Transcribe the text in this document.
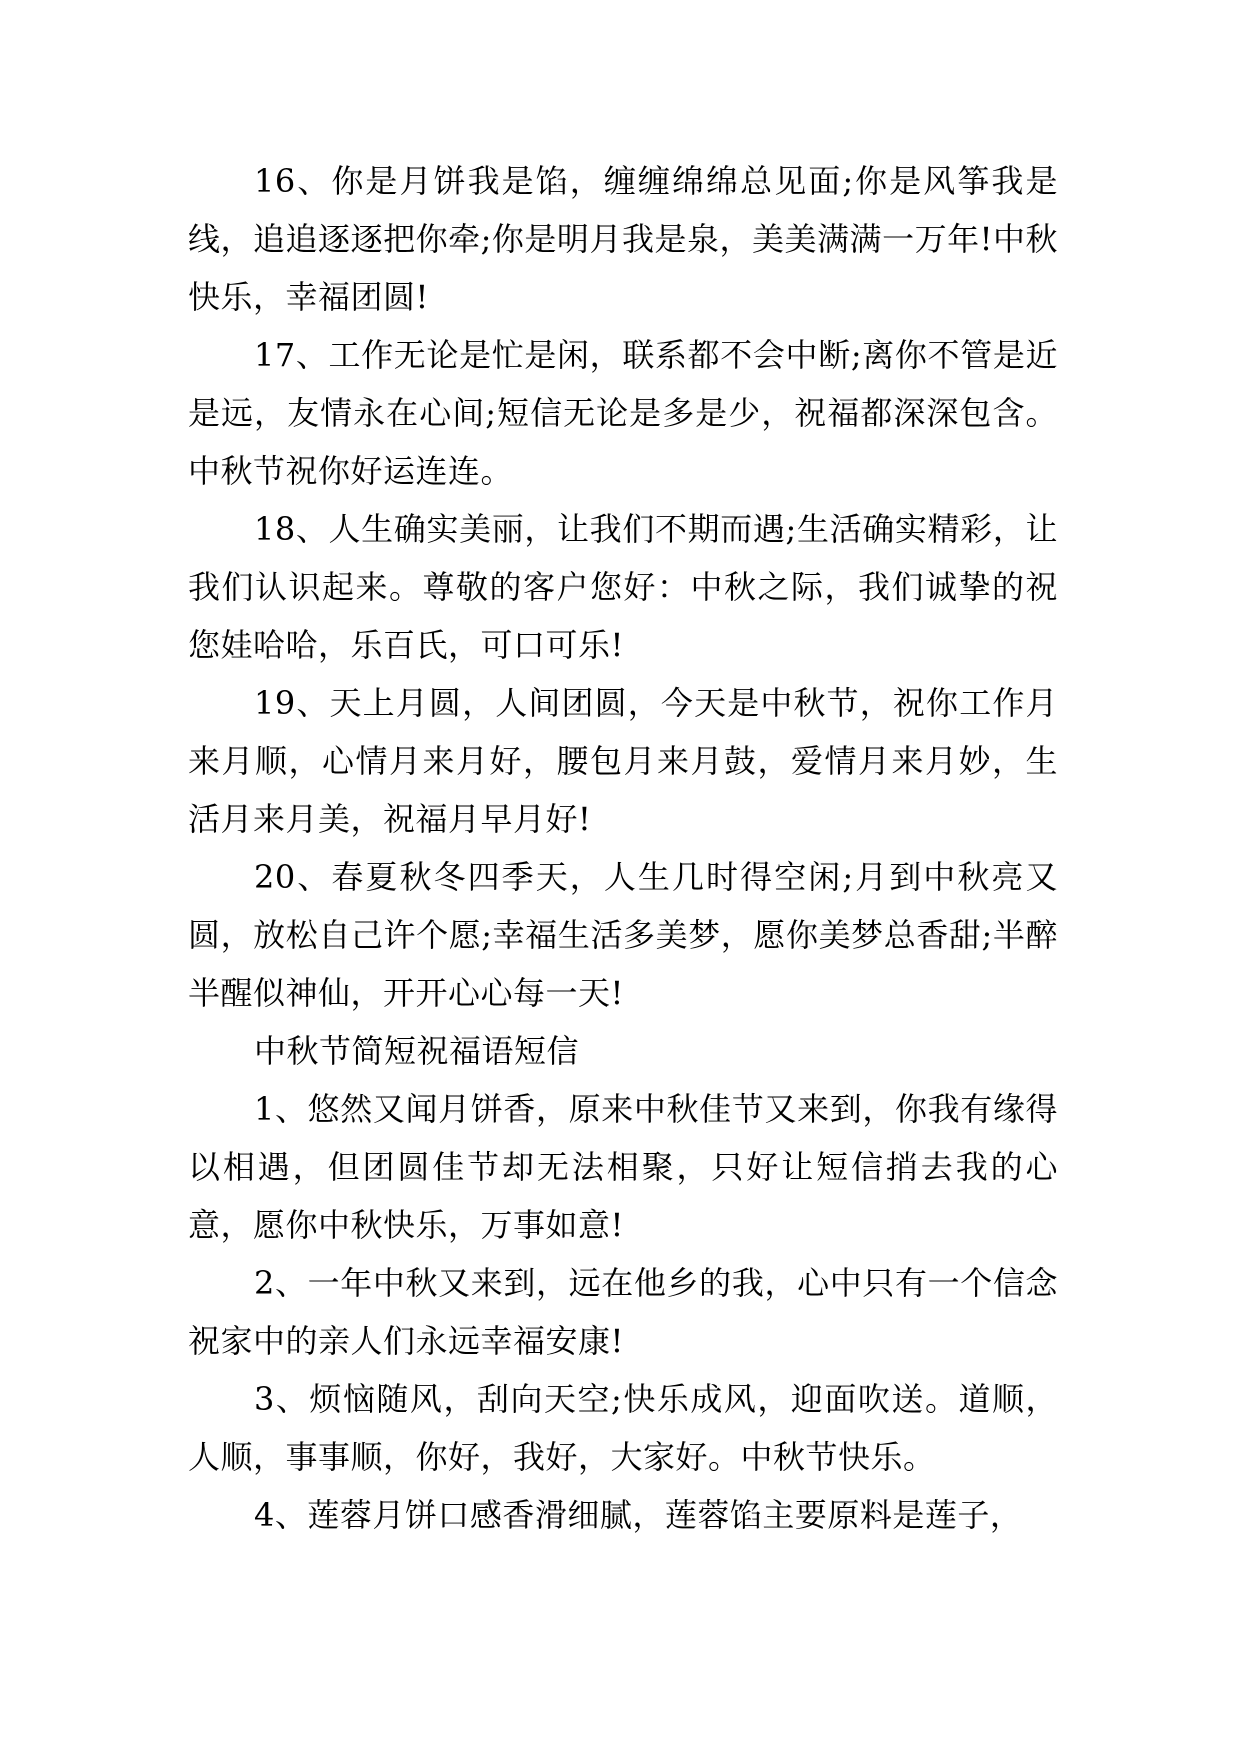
16、你是月饼我是馅，缠缠绵绵总见面;你是风筝我是线，追追逐逐把你牵;你是明月我是泉，美美满满一万年!中秋快乐，幸福团圆!

17、工作无论是忙是闲，联系都不会中断;离你不管是近是远，友情永在心间;短信无论是多是少，祝福都深深包含。中秋节祝你好运连连。

18、人生确实美丽，让我们不期而遇;生活确实精彩，让我们认识起来。尊敬的客户您好：中秋之际，我们诚挚的祝您娃哈哈，乐百氏，可口可乐!

19、天上月圆，人间团圆，今天是中秋节，祝你工作月来月顺，心情月来月好，腰包月来月鼓，爱情月来月妙，生活月来月美，祝福月早月好!

20、春夏秋冬四季天，人生几时得空闲;月到中秋亮又圆，放松自己许个愿;幸福生活多美梦，愿你美梦总香甜;半醉半醒似神仙，开开心心每一天!

中秋节简短祝福语短信

1、悠然又闻月饼香，原来中秋佳节又来到，你我有缘得以相遇，但团圆佳节却无法相聚，只好让短信捎去我的心意，愿你中秋快乐，万事如意!

2、一年中秋又来到，远在他乡的我，心中只有一个信念祝家中的亲人们永远幸福安康!

3、烦恼随风，刮向天空;快乐成风，迎面吹送。道顺，人顺，事事顺，你好，我好，大家好。中秋节快乐。

4、莲蓉月饼口感香滑细腻，莲蓉馅主要原料是莲子，
